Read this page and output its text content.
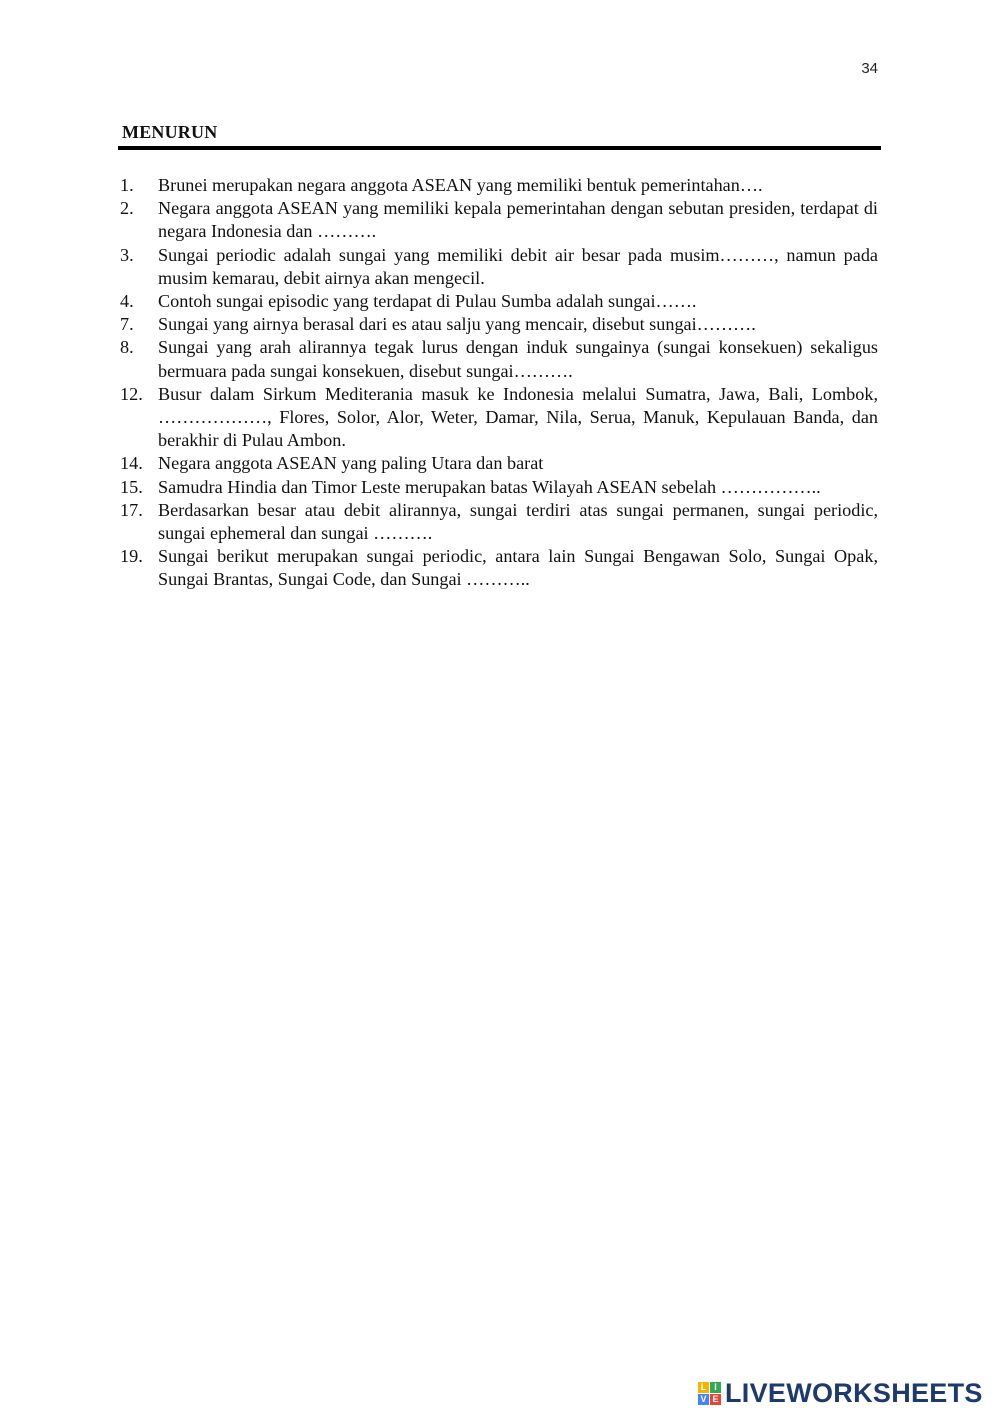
34
MENURUN
1.	Brunei merupakan negara anggota ASEAN yang memiliki bentuk pemerintahan….
2.	Negara anggota ASEAN yang memiliki kepala pemerintahan dengan sebutan presiden, terdapat di negara Indonesia dan ……….
3.	Sungai periodic adalah sungai yang memiliki debit air besar pada musim………, namun pada musim kemarau, debit airnya akan mengecil.
4.	Contoh sungai episodic yang terdapat di Pulau Sumba adalah sungai…….
7.	Sungai yang airnya berasal dari es atau salju yang mencair, disebut sungai……….
8.	Sungai yang arah alirannya tegak lurus dengan induk sungainya (sungai konsekuen) sekaligus bermuara pada sungai konsekuen, disebut sungai……….
12. Busur dalam Sirkum Mediterania masuk ke Indonesia melalui Sumatra, Jawa, Bali, Lombok, ………………, Flores, Solor, Alor, Weter, Damar, Nila, Serua, Manuk, Kepulauan Banda, dan berakhir di Pulau Ambon.
14. Negara anggota ASEAN yang paling Utara dan barat
15. Samudra Hindia dan Timor Leste merupakan batas Wilayah ASEAN sebelah ……………..
17. Berdasarkan besar atau debit alirannya, sungai terdiri atas sungai permanen, sungai periodic, sungai ephemeral dan sungai ……….
19. Sungai berikut merupakan sungai periodic, antara lain Sungai Bengawan Solo, Sungai Opak, Sungai Brantas, Sungai Code, dan Sungai ………..
L I
V E LIVEWORKSHEETS
